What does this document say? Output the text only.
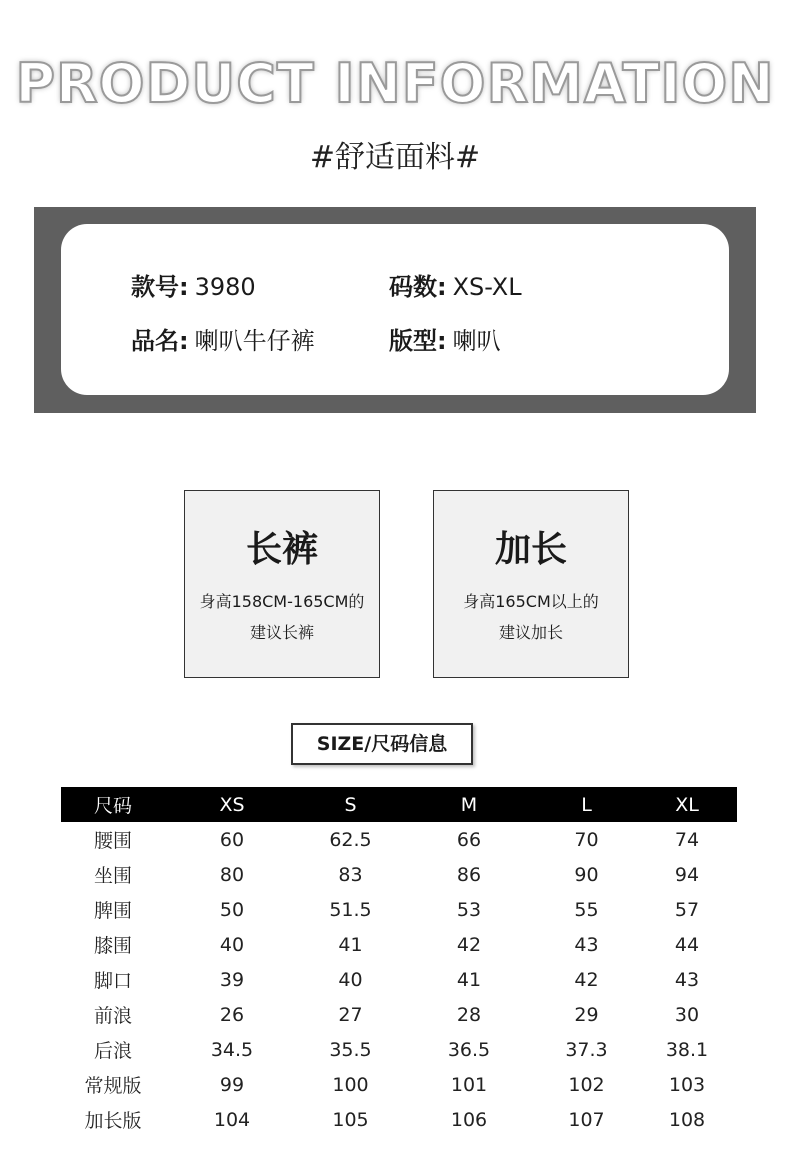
PRODUCT INFORMATION
#舒适面料#
款号: 3980	码数: XS-XL
品名: 喇叭牛仔裤	版型: 喇叭
长裤
身高158CM-165CM的
建议长裤
加长
身高165CM以上的
建议加长
SIZE/尺码信息
尺码	XS	S	M	L	XL
腰围	60	62.5	66	70	74
坐围	80	83	86	90	94
脾围	50	51.5	53	55	57
膝围	40	41	42	43	44
脚口	39	40	41	42	43
前浪	26	27	28	29	30
后浪	34.5	35.5	36.5	37.3	38.1
常规版	99	100	101	102	103
加长版	104	105	106	107	108
